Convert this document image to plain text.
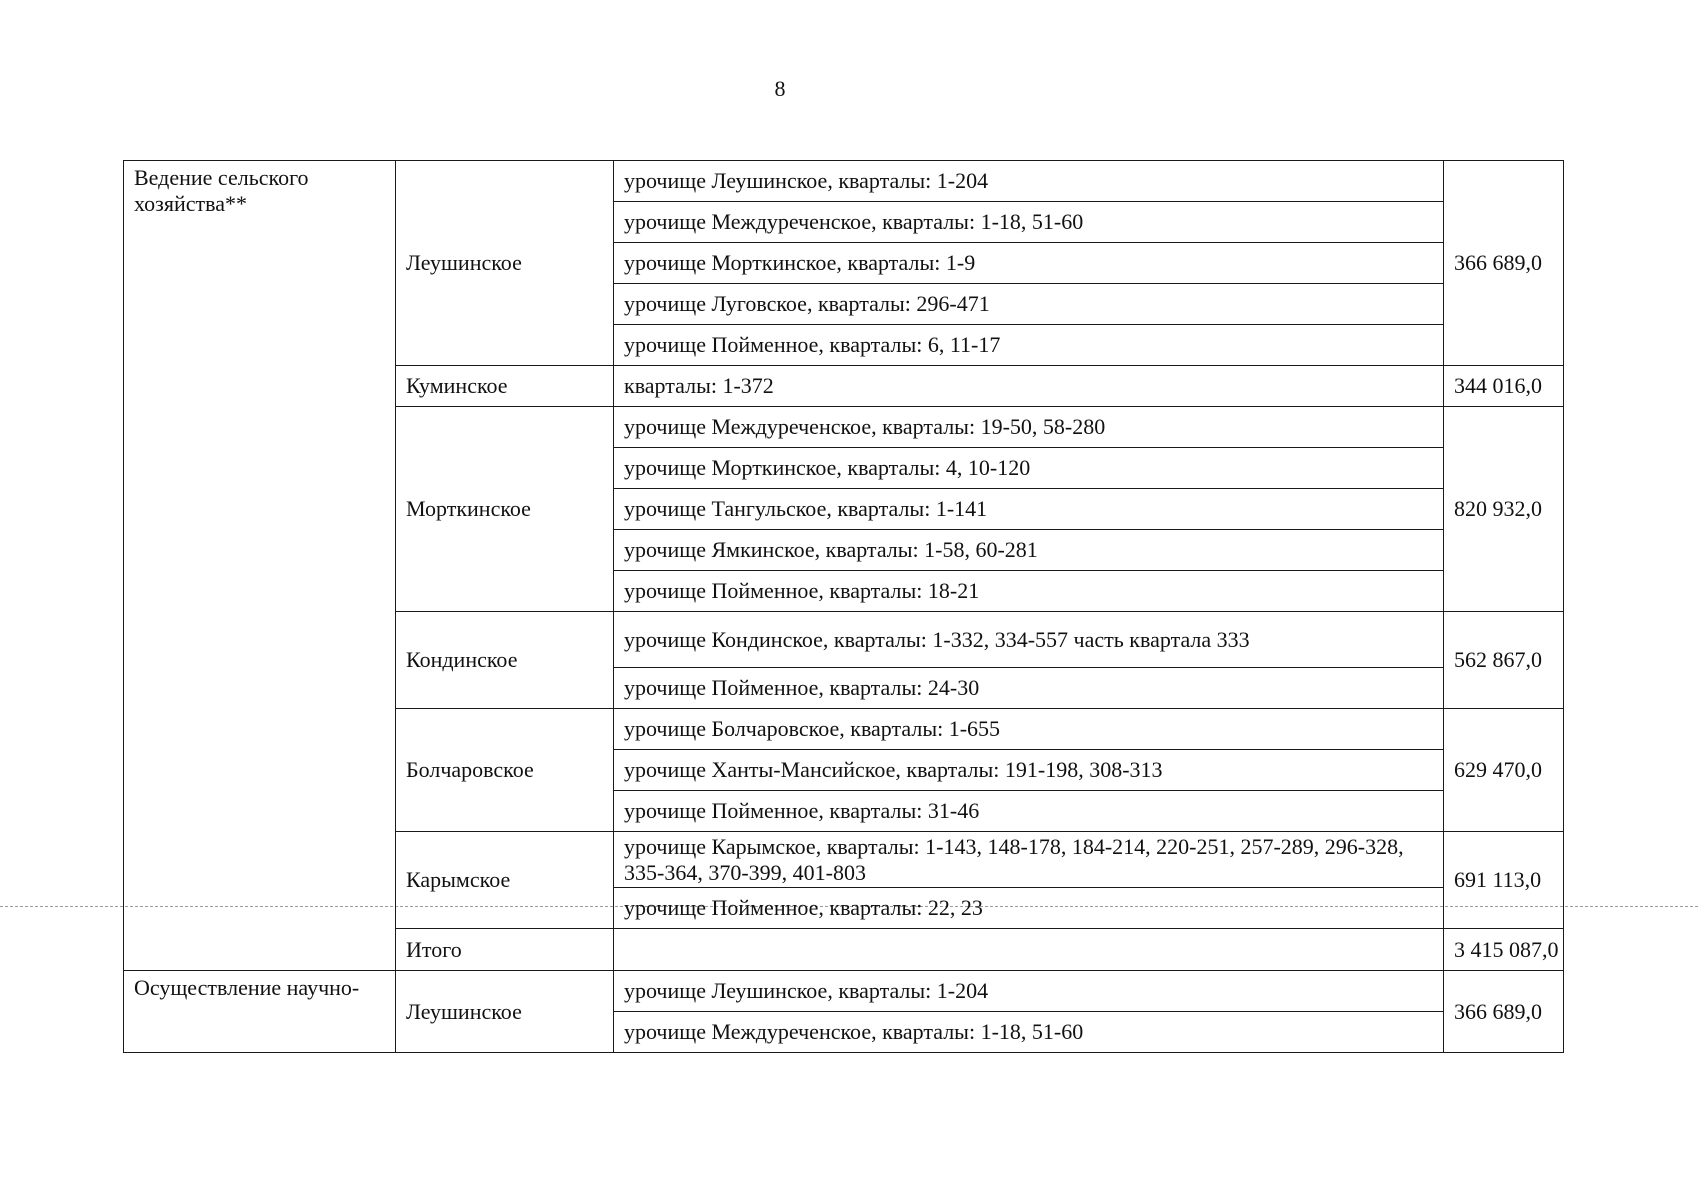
8
Ведение сельского хозяйства**	Леушинское	урочище Леушинское, кварталы: 1-204	366 689,0
		урочище Междуреченское, кварталы: 1-18, 51-60	
		урочище Морткинское, кварталы: 1-9	
		урочище Луговское, кварталы: 296-471	
		урочище Пойменное, кварталы: 6, 11-17	
	Куминское	кварталы: 1-372	344 016,0
	Морткинское	урочище Междуреченское, кварталы: 19-50, 58-280	820 932,0
		урочище Морткинское, кварталы: 4, 10-120	
		урочище Тангульское, кварталы: 1-141	
		урочище Ямкинское, кварталы: 1-58, 60-281	
		урочище Пойменное, кварталы: 18-21	
	Кондинское	урочище Кондинское, кварталы: 1-332, 334-557 часть квартала 333	562 867,0
		урочище Пойменное, кварталы: 24-30	
	Болчаровское	урочище Болчаровское, кварталы: 1-655	629 470,0
		урочище Ханты-Мансийское, кварталы: 191-198, 308-313	
		урочище Пойменное, кварталы: 31-46	
	Карымское	урочище Карымское, кварталы: 1-143, 148-178, 184-214, 220-251, 257-289, 296-328, 335-364, 370-399, 401-803	691 113,0
		урочище Пойменное, кварталы: 22, 23	
	Итого		3 415 087,0
Осуществление научно-	Леушинское	урочище Леушинское, кварталы: 1-204	366 689,0
		урочище Междуреченское, кварталы: 1-18, 51-60	
